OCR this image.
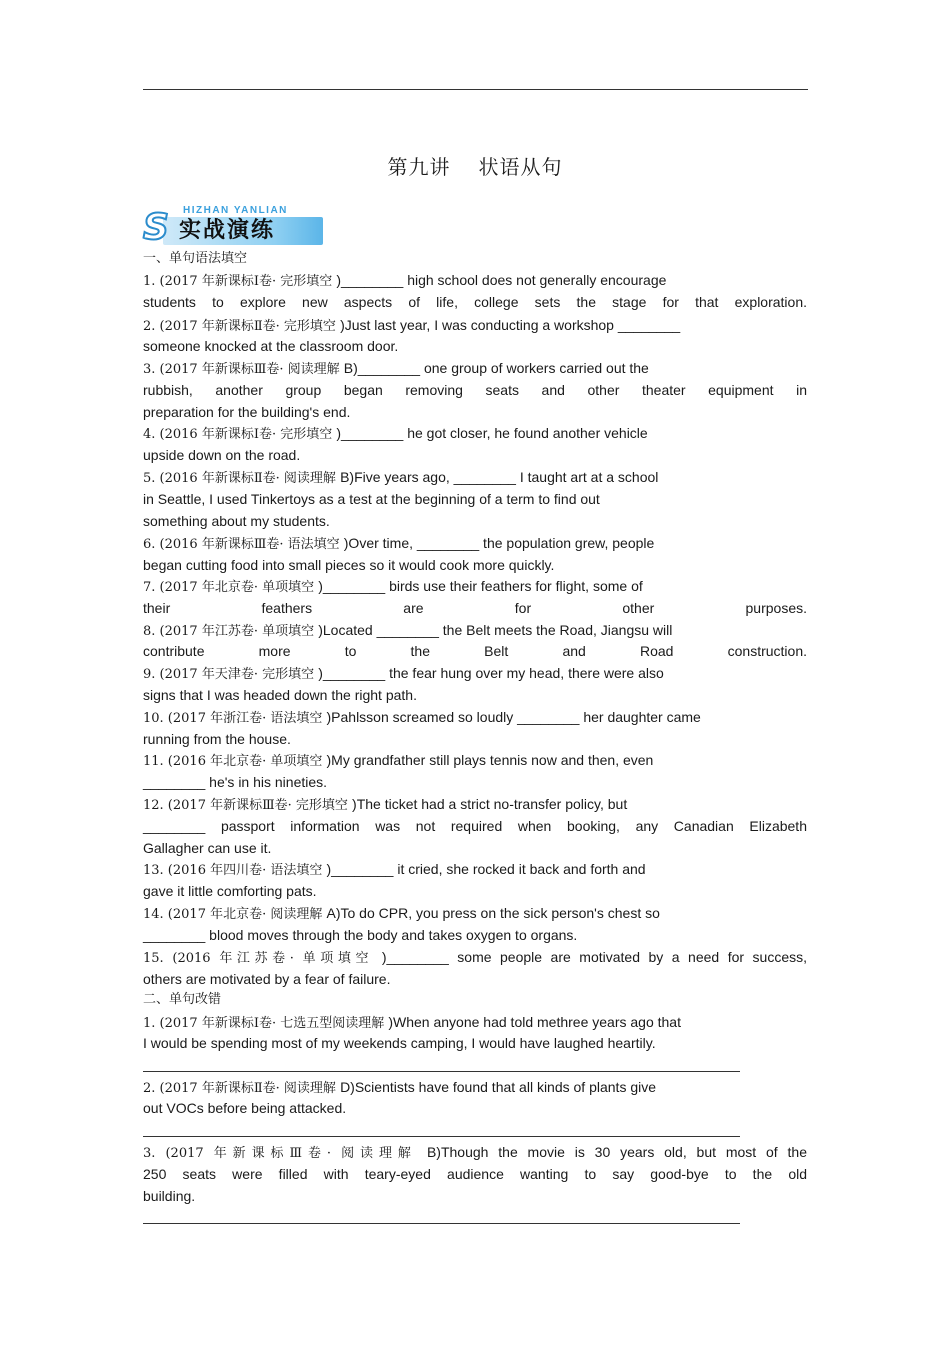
第九讲 状语从句
HIZHAN YANLIAN
S 实战演练
1. (2017 年新课标Ⅰ卷· 完形填空 )________ high school does not generally encourage
students to explore new aspects of life, college sets the stage for that exploration.
2. (2017 年新课标Ⅱ卷· 完形填空 )Just last year, I was conducting a workshop ________
someone knocked at the classroom door.
3. (2017 年新课标Ⅲ卷· 阅读理解 B)________ one group of workers carried out the
rubbish, another group began removing seats and other theater equipment in
preparation for the building's end.
4. (2016 年新课标Ⅰ卷· 完形填空 )________ he got closer, he found another vehicle
upside down on the road.
5. (2016 年新课标Ⅱ卷· 阅读理解 B)Five years ago, ________ I taught art at a school
in Seattle, I used Tinkertoys as a test at the beginning of a term to find out
something about my students.
6. (2016 年新课标Ⅲ卷· 语法填空 )Over time, ________ the population grew, people
began cutting food into small pieces so it would cook more quickly.
7. (2017 年北京卷· 单项填空 )________ birds use their feathers for flight, some of
their feathers are for other purposes.
8. (2017 年江苏卷· 单项填空 )Located ________ the Belt meets the Road, Jiangsu will
contribute more to the Belt and Road construction.
9. (2017 年天津卷· 完形填空 )________ the fear hung over my head, there were also
signs that I was headed down the right path.
10. (2017 年浙江卷· 语法填空 )Pahlsson screamed so loudly ________ her daughter came
running from the house.
11. (2016 年北京卷· 单项填空 )My grandfather still plays tennis now and then, even
________ he's in his nineties.
12. (2017 年新课标Ⅲ卷· 完形填空 )The ticket had a strict no-transfer policy, but
________ passport information was not required when booking, any Canadian Elizabeth
Gallagher can use it.
13. (2016 年四川卷· 语法填空 )________ it cried, she rocked it back and forth and
gave it little comforting pats.
14. (2017 年北京卷· 阅读理解 A)To do CPR, you press on the sick person's chest so
________ blood moves through the body and takes oxygen to organs.
15. (2016 年江苏卷· 单项填空 )________ some people are motivated by a need for success,
others are motivated by a fear of failure.
一、单句语法填空
二、单句改错
1. (2017 年新课标Ⅰ卷· 七选五型阅读理解 )When anyone had told methree years ago that
I would be spending most of my weekends camping, I would have laughed heartily.
2. (2017 年新课标Ⅱ卷· 阅读理解 D)Scientists have found that all kinds of plants give
out VOCs before being attacked.
3. (2017 年新课标Ⅲ卷· 阅读理解 B)Though the movie is 30 years old, but most of the
250 seats were filled with teary-eyed audience wanting to say good-bye to the old
building.
